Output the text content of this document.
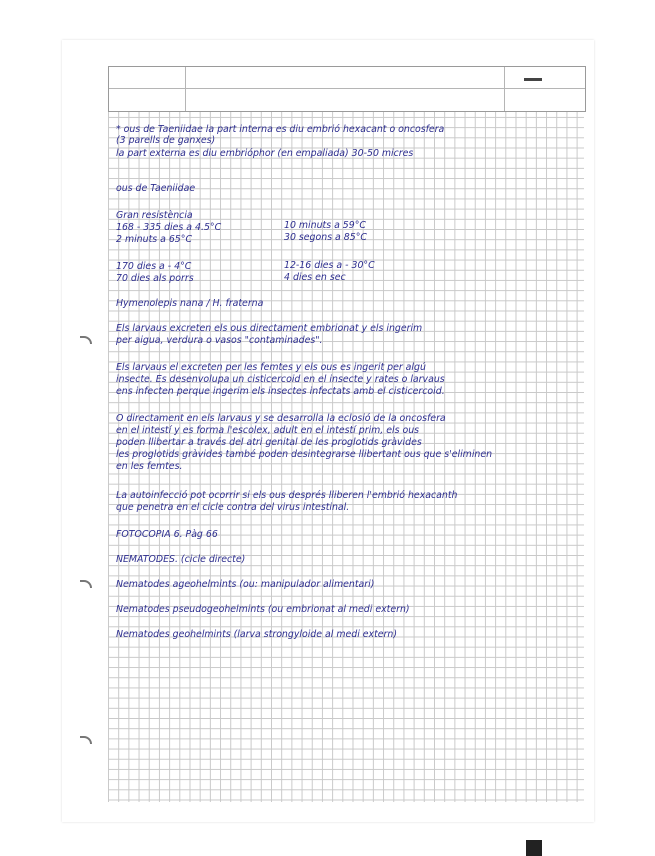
* ous de Taeniidae la part interna es diu embrió hexacant o oncosfera
(3 parells de ganxes)
la part externa es diu embrióphor (en empaliada) 30-50 micres
ous de Taeniidae
Gran resistència
168 - 335 dies a 4.5°C	10 minuts a 59°C
2 minuts a 65°C	30 segons a 85°C
170 dies a - 4°C	12-16 dies a - 30°C
70 dies als porrs	4 dies en sec
Hymenolepis nana / H. fraterna
Els larvaus excreten els ous directament embrionat y els ingerim
per aigua, verdura o vasos "contaminades".
Els larvaus el excreten per les femtes y els ous es ingerit per algú
insecte. Es desenvolupa un cisticercoid en el insecte y rates o larvaus
ens infecten perque ingerim els insectes infectats amb el cisticercoid.
O directament en els larvaus y se desarrolla la eclosió de la oncosfera
en el intestí y es forma l'escolex, adult en el intestí prim, els ous
poden llibertar a través del atri genital de les proglotids gràvides
les proglotids gràvides també poden desintegrarse llibertant ous que s'eliminen
en les femtes.
La autoinfecció pot ocorrir si els ous després lliberen l'embrió hexacanth
que penetra en el cicle contra del virus intestinal.
FOTOCÒPIA 6. Pàg 66
NEMATODES. (cicle directe)
Nematodes ageohelmints (ou: manipulador alimentari)
Nematodes pseudogeohelmints (ou embrionat al medi extern)
Nematodes geohelmints (larva strongyloide al medi extern)
